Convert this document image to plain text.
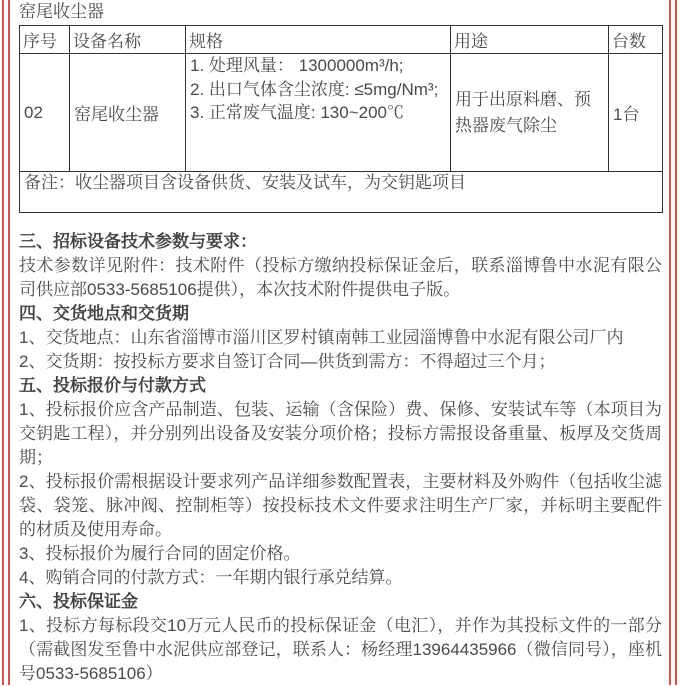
窑尾收尘器
序号	设备名称	规格	用途	台数
02	窑尾收尘器	1. 处理风量： 1300000m³/h;
2. 出口气体含尘浓度: ≤5mg/Nm³;
3. 正常废气温度: 130~200℃	用于出原料磨、预热器废气除尘	1台
备注：收尘器项目含设备供货、安装及试车，为交钥匙项目				
三、招标设备技术参数与要求：

技术参数详见附件：技术附件（投标方缴纳投标保证金后，联系淄博鲁中水泥有限公司供应部0533-5685106提供），本次技术附件提供电子版。

四、交货地点和交货期

1、交货地点：山东省淄博市淄川区罗村镇南韩工业园淄博鲁中水泥有限公司厂内

2、交货期：按投标方要求自签订合同—供货到需方：不得超过三个月；

五、投标报价与付款方式

1、投标报价应含产品制造、包装、运输（含保险）费、保修、安装试车等（本项目为交钥匙工程），并分别列出设备及安装分项价格；投标方需报设备重量、板厚及交货周期；

2、投标报价需根据设计要求列产品详细参数配置表，主要材料及外购件（包括收尘滤袋、袋笼、脉冲阀、控制柜等）按投标技术文件要求注明生产厂家，并标明主要配件的材质及使用寿命。

3、投标报价为履行合同的固定价格。

4、购销合同的付款方式：一年期内银行承兑结算。

六、投标保证金

1、投标方每标段交10万元人民币的投标保证金（电汇），并作为其投标文件的一部分（需截图发至鲁中水泥供应部登记，联系人：杨经理13964435966（微信同号），座机号0533-5685106）
